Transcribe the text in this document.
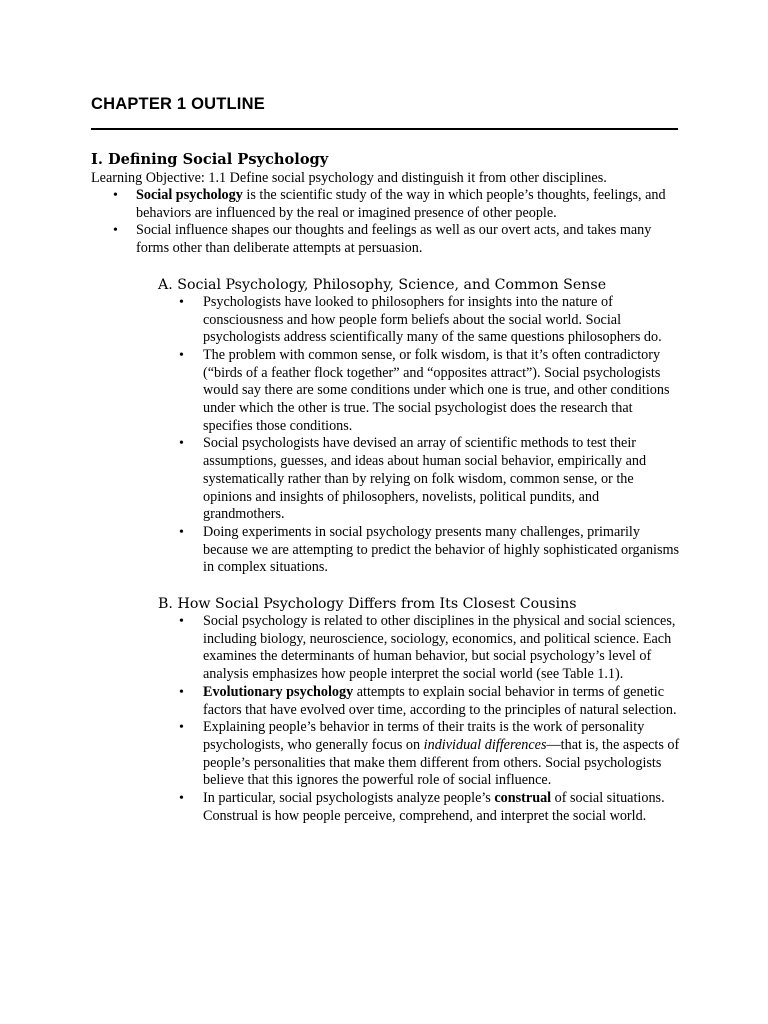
CHAPTER 1 OUTLINE
I. Defining Social Psychology

Learning Objective: 1.1 Define social psychology and distinguish it from other disciplines.

• Social psychology is the scientific study of the way in which people’s thoughts, feelings, and behaviors are influenced by the real or imagined presence of other people.
• Social influence shapes our thoughts and feelings as well as our overt acts, and takes many forms other than deliberate attempts at persuasion.
A. Social Psychology, Philosophy, Science, and Common Sense
• Psychologists have looked to philosophers for insights into the nature of consciousness and how people form beliefs about the social world. Social psychologists address scientifically many of the same questions philosophers do.
• The problem with common sense, or folk wisdom, is that it’s often contradictory (“birds of a feather flock together” and “opposites attract”). Social psychologists would say there are some conditions under which one is true, and other conditions under which the other is true. The social psychologist does the research that specifies those conditions.
• Social psychologists have devised an array of scientific methods to test their assumptions, guesses, and ideas about human social behavior, empirically and systematically rather than by relying on folk wisdom, common sense, or the opinions and insights of philosophers, novelists, political pundits, and grandmothers.
• Doing experiments in social psychology presents many challenges, primarily because we are attempting to predict the behavior of highly sophisticated organisms in complex situations.
B. How Social Psychology Differs from Its Closest Cousins
• Social psychology is related to other disciplines in the physical and social sciences, including biology, neuroscience, sociology, economics, and political science. Each examines the determinants of human behavior, but social psychology’s level of analysis emphasizes how people interpret the social world (see Table 1.1).
• Evolutionary psychology attempts to explain social behavior in terms of genetic factors that have evolved over time, according to the principles of natural selection.
• Explaining people’s behavior in terms of their traits is the work of personality psychologists, who generally focus on individual differences—that is, the aspects of people’s personalities that make them different from others. Social psychologists believe that this ignores the powerful role of social influence.
• In particular, social psychologists analyze people’s construal of social situations. Construal is how people perceive, comprehend, and interpret the social world.
